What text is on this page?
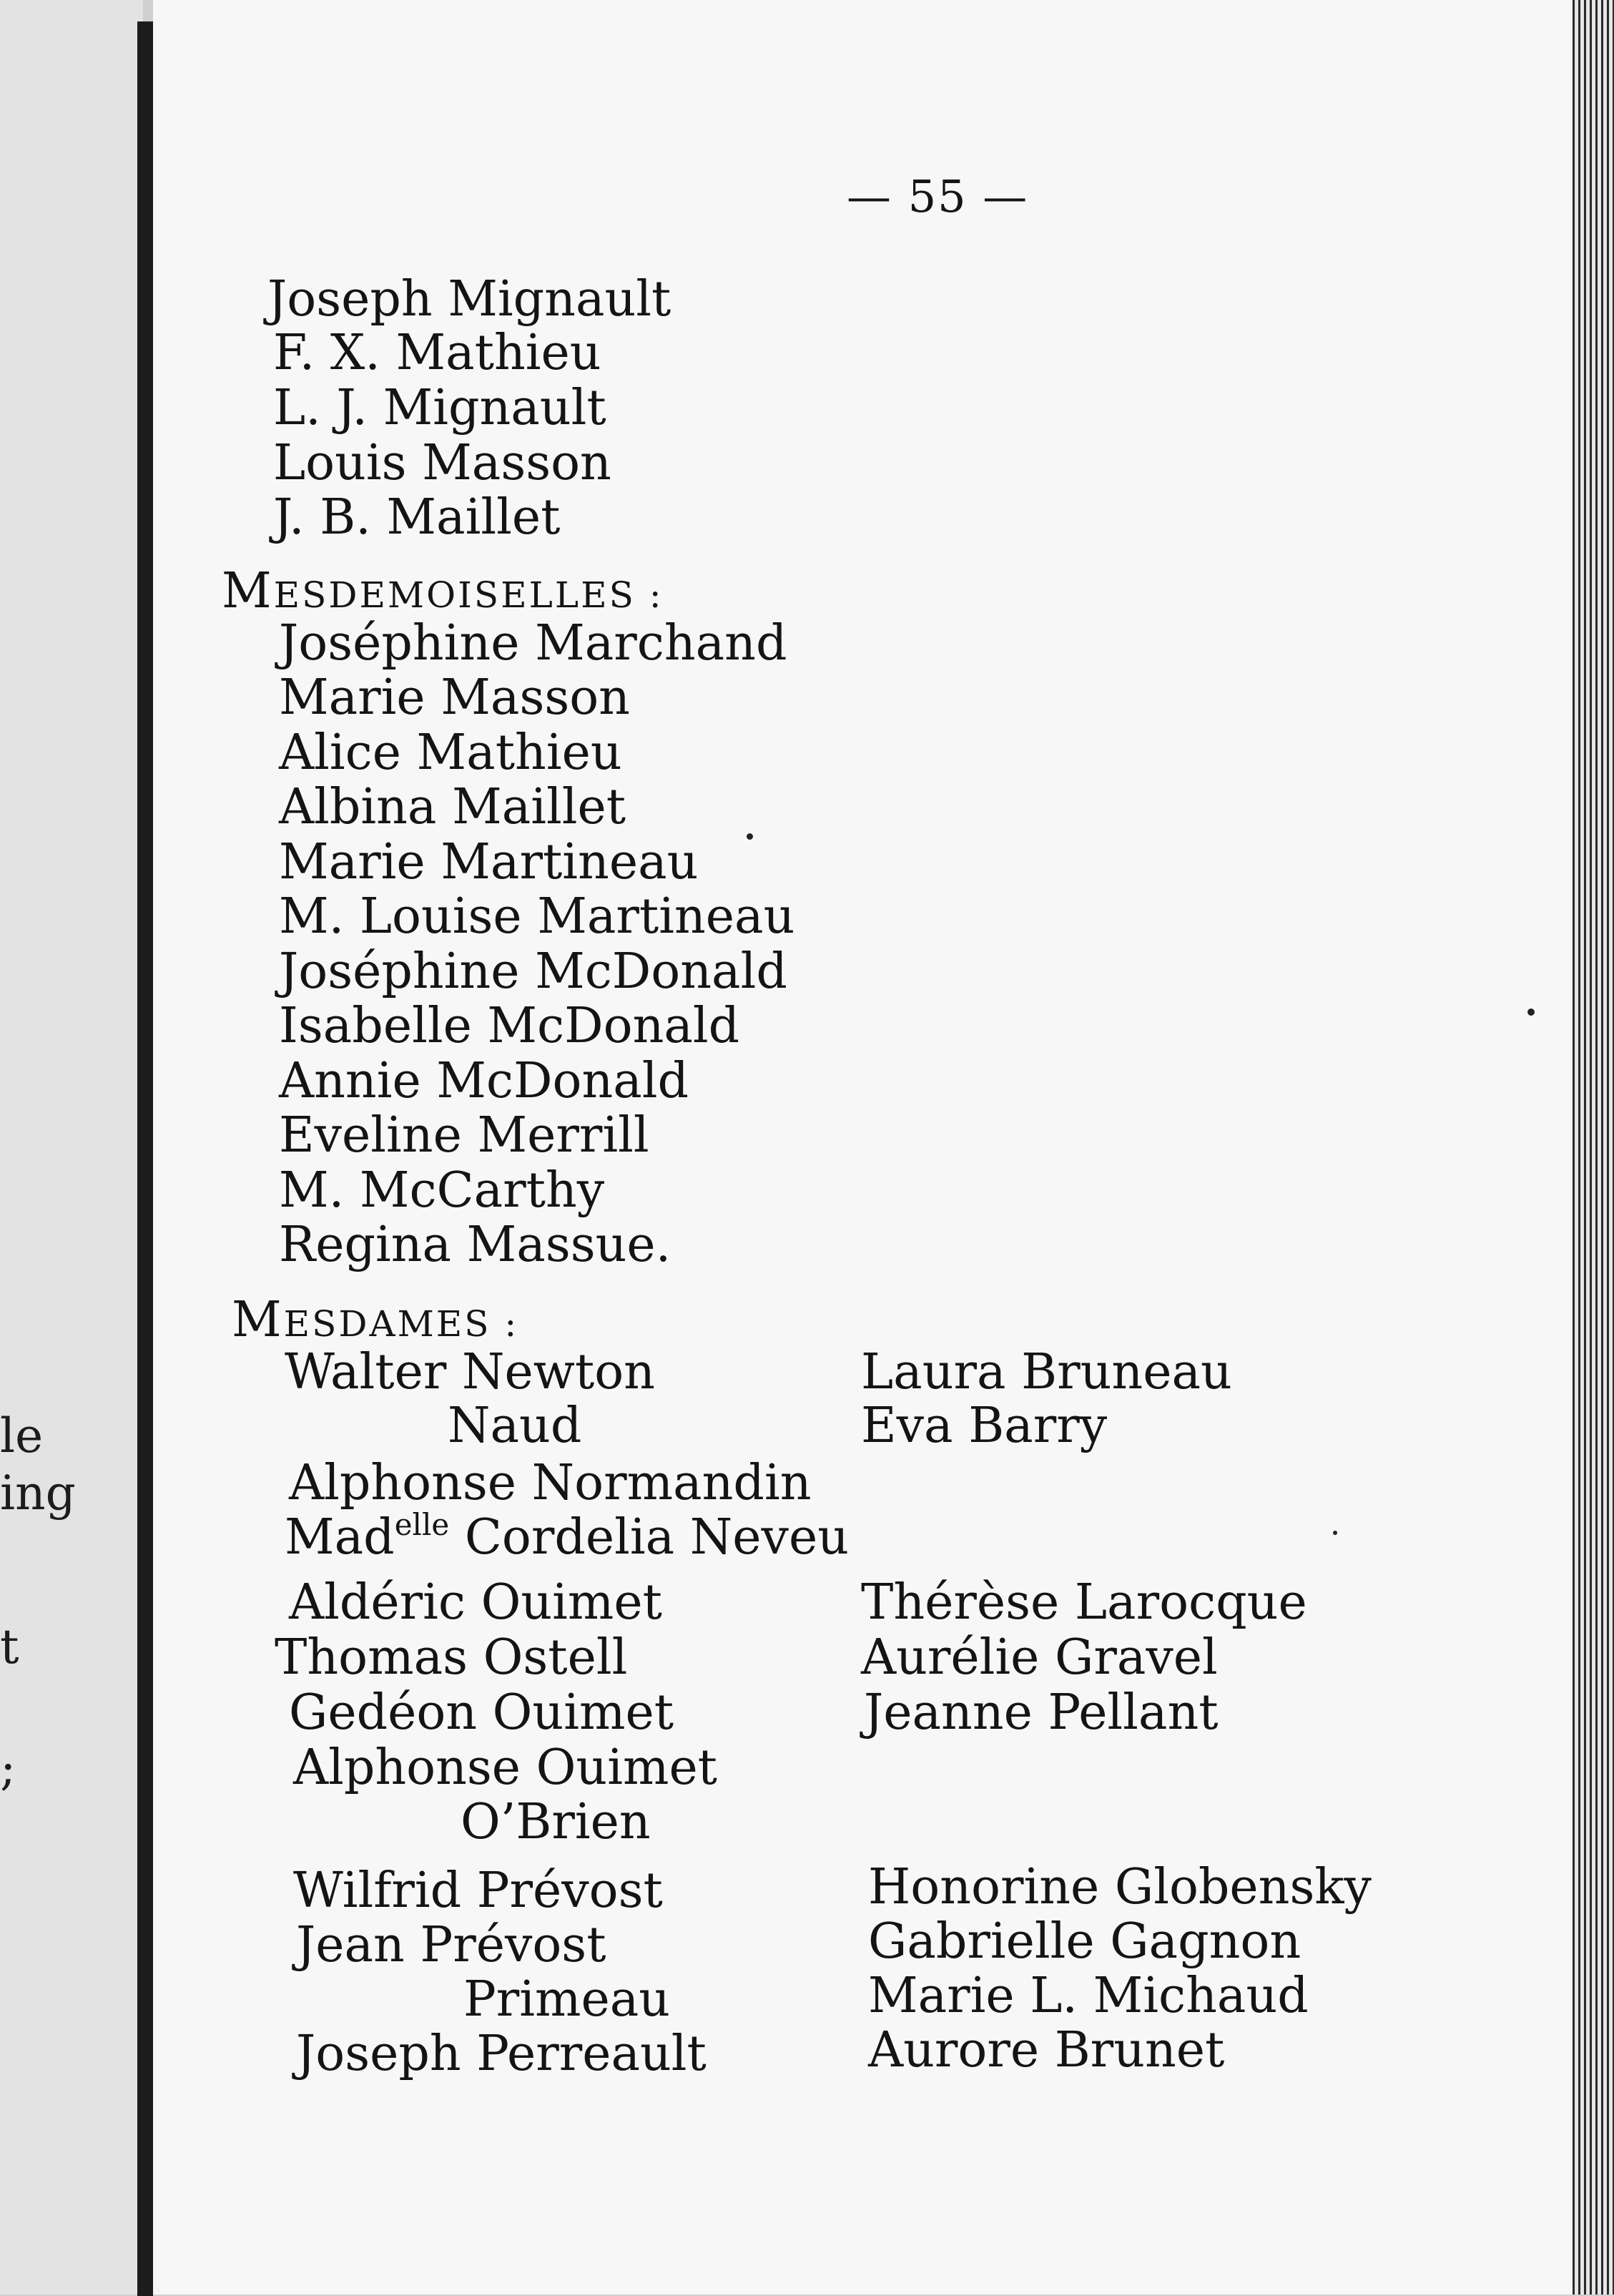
le
ing
t
;
— 55 —
Joseph Mignault
F. X. Mathieu
L. J. Mignault
Louis Masson
J. B. Maillet
MESDEMOISELLES :
Joséphine Marchand
Marie Masson
Alice Mathieu
Albina Maillet
Marie Martineau
M. Louise Martineau
Joséphine McDonald
Isabelle McDonald
Annie McDonald
Eveline Merrill
M. McCarthy
Regina Massue.
MESDAMES :
Walter Newton
Naud
Alphonse Normandin
Mad$^{elle}$ Cordelia Neveu
Aldéric Ouimet
Thomas Ostell
Gedéon Ouimet
Alphonse Ouimet
O’Brien
Wilfrid Prévost
Jean Prévost
Primeau
Joseph Perreault
Laura Bruneau
Eva Barry
Thérèse Larocque
Aurélie Gravel
Jeanne Pellant
Honorine Globensky
Gabrielle Gagnon
Marie L. Michaud
Aurore Brunet
